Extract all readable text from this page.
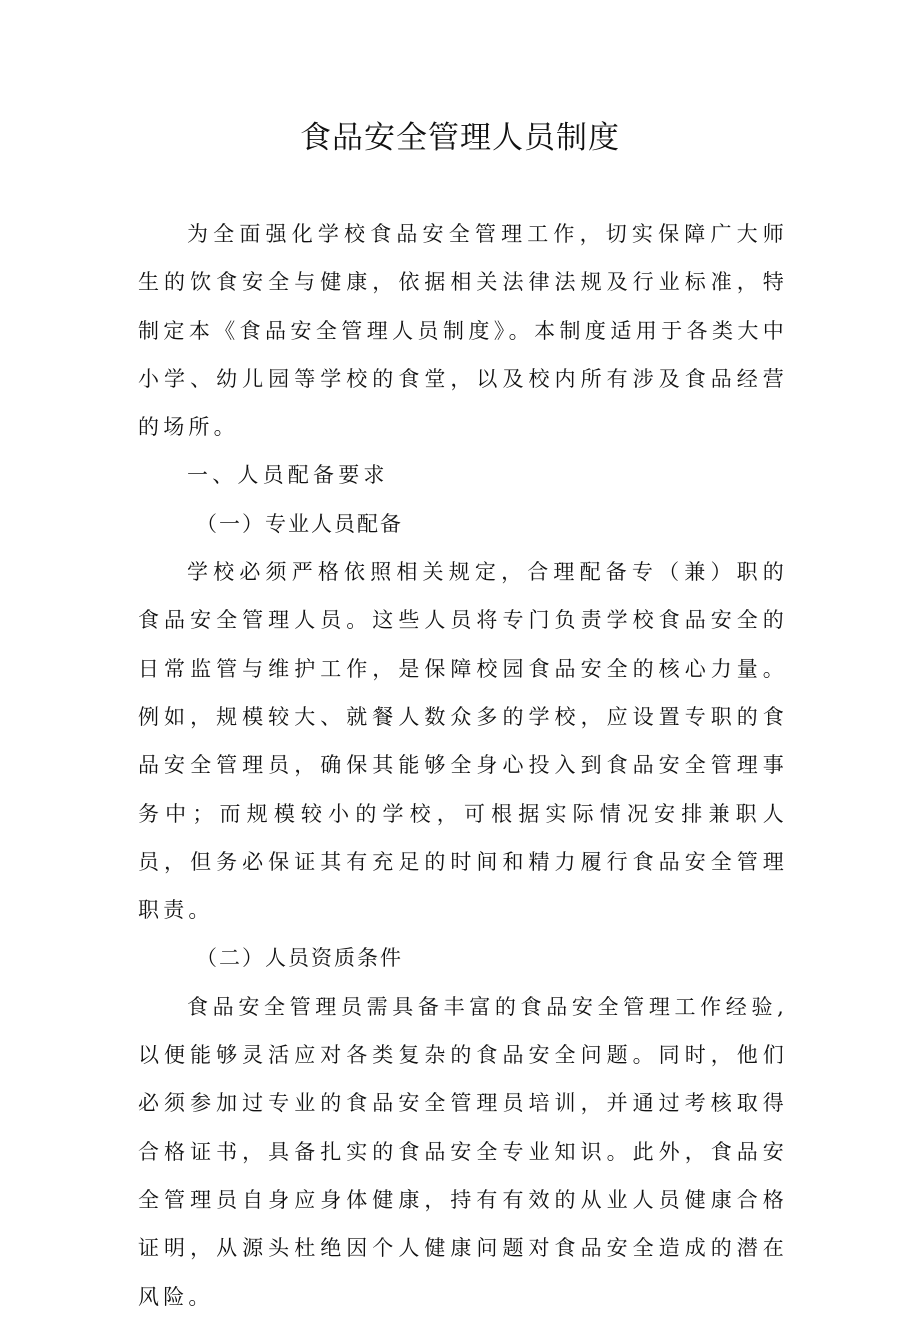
食品安全管理人员制度

为全面强化学校食品安全管理工作，切实保障广大师生的饮食安全与健康，依据相关法律法规及行业标准，特制定本《食品安全管理人员制度》。本制度适用于各类大中小学、幼儿园等学校的食堂，以及校内所有涉及食品经营的场所。

一、人员配备要求

（一）专业人员配备

学校必须严格依照相关规定，合理配备专（兼）职的食品安全管理人员。这些人员将专门负责学校食品安全的日常监管与维护工作，是保障校园食品安全的核心力量。例如，规模较大、就餐人数众多的学校，应设置专职的食品安全管理员，确保其能够全身心投入到食品安全管理事务中；而规模较小的学校，可根据实际情况安排兼职人员，但务必保证其有充足的时间和精力履行食品安全管理职责。

（二）人员资质条件

食品安全管理员需具备丰富的食品安全管理工作经验,以便能够灵活应对各类复杂的食品安全问题。同时，他们必须参加过专业的食品安全管理员培训，并通过考核取得合格证书，具备扎实的食品安全专业知识。此外，食品安全管理员自身应身体健康，持有有效的从业人员健康合格证明，从源头杜绝因个人健康问题对食品安全造成的潜在风险。
